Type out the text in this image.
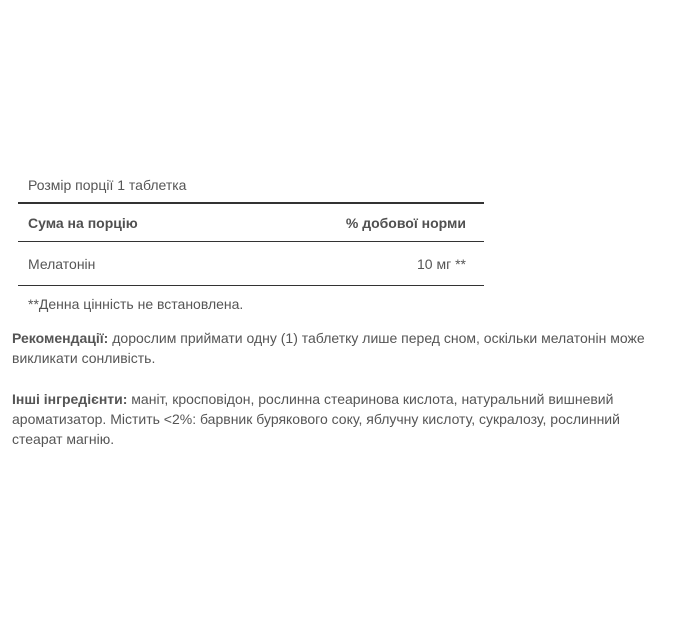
Розмір порції 1 таблетка
Сума на порцію	% добової норми
Мелатонін	10 мг **
**Денна цінність не встановлена.
Рекомендації: дорослим приймати одну (1) таблетку лише перед сном, оскільки мелатонін може викликати сонливість.
Інші інгредієнти: маніт, кросповідон, рослинна стеаринова кислота, натуральний вишневий ароматизатор. Містить <2%: барвник бурякового соку, яблучну кислоту, сукралозу, рослинний стеарат магнію.
